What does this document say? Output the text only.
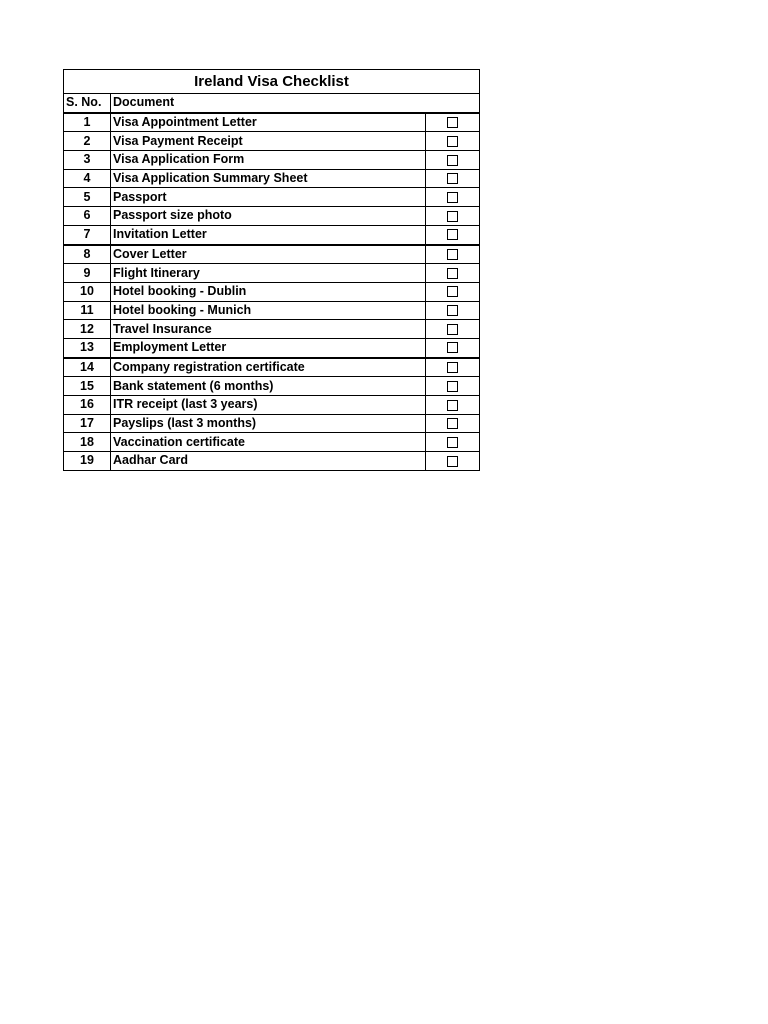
Ireland Visa Checklist		
S. No.	Document	
1	Visa Appointment Letter	
2	Visa Payment Receipt	
3	Visa Application Form	
4	Visa Application Summary Sheet	
5	Passport	
6	Passport size photo	
7	Invitation Letter	
8	Cover Letter	
9	Flight Itinerary	
10	Hotel booking - Dublin	
11	Hotel booking - Munich	
12	Travel Insurance	
13	Employment Letter	
14	Company registration certificate	
15	Bank statement (6 months)	
16	ITR receipt (last 3 years)	
17	Payslips (last 3 months)	
18	Vaccination certificate	
19	Aadhar Card	
